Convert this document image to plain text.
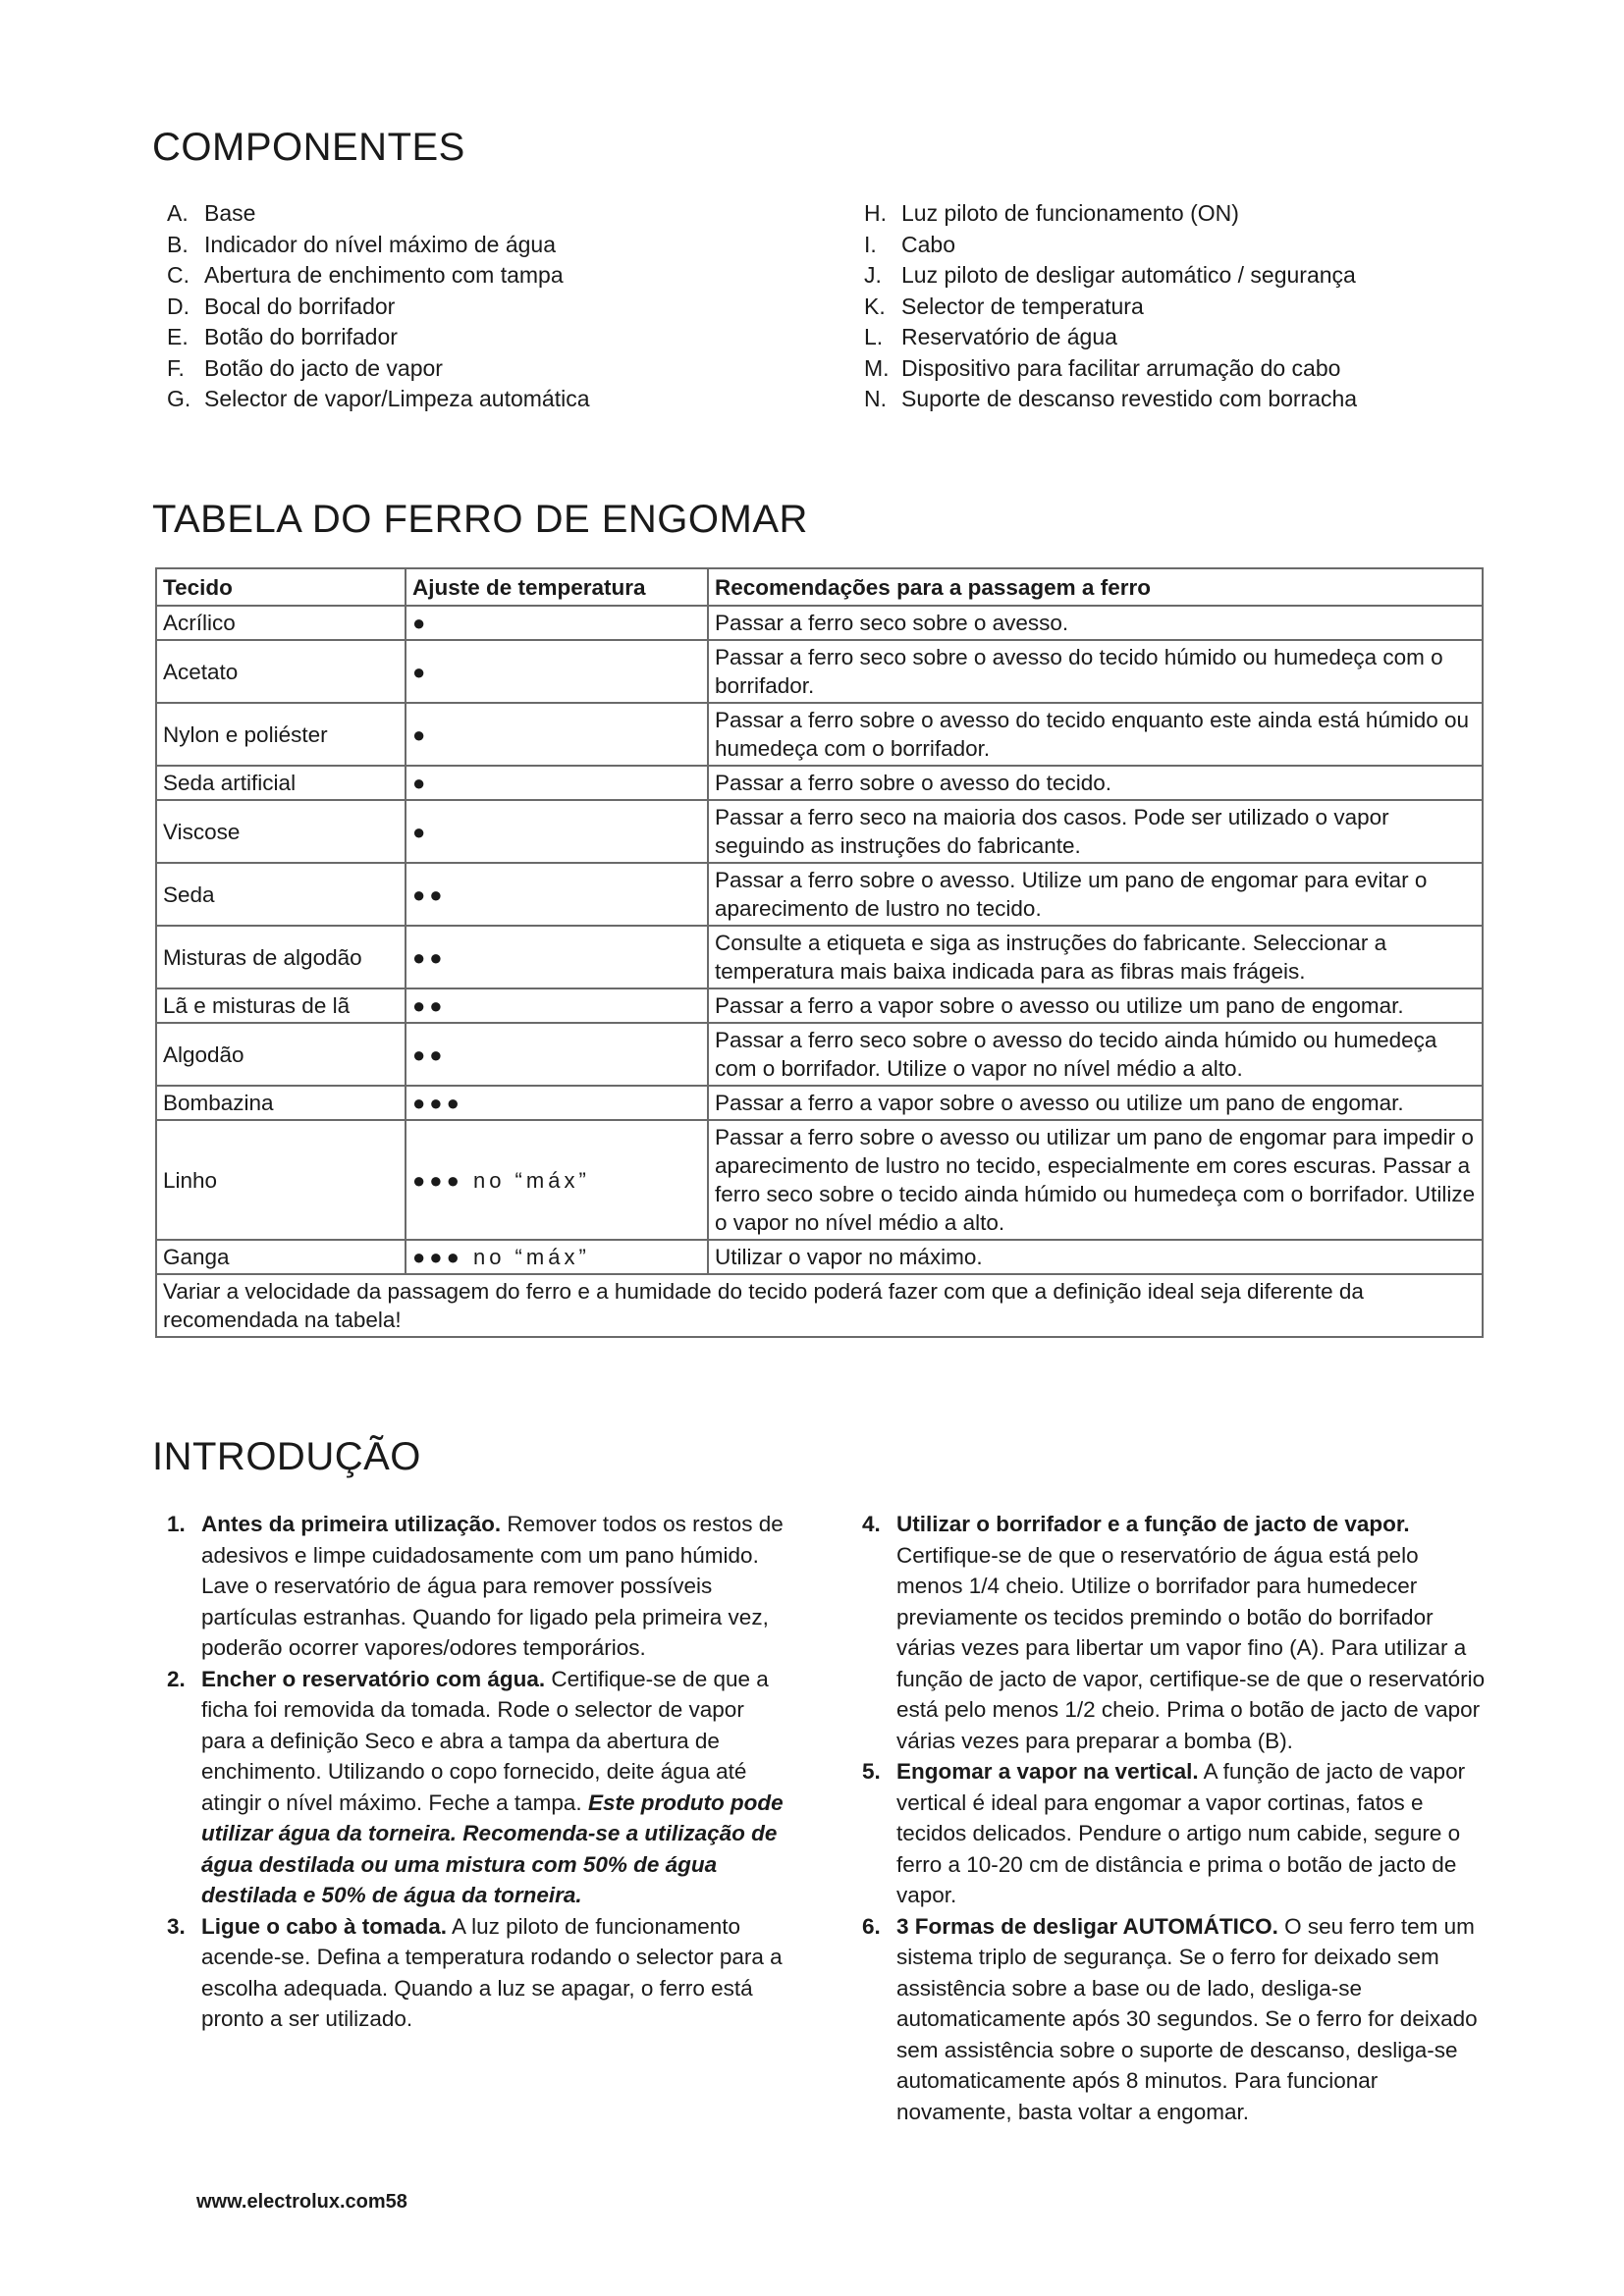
COMPONENTES
A. Base
B. Indicador do nível máximo de água
C. Abertura de enchimento com tampa
D. Bocal do borrifador
E. Botão do borrifador
F. Botão do jacto de vapor
G. Selector de vapor/Limpeza automática
H. Luz piloto de funcionamento (ON)
I. Cabo
J. Luz piloto de desligar automático / segurança
K. Selector de temperatura
L. Reservatório de água
M. Dispositivo para facilitar arrumação do cabo
N. Suporte de descanso revestido com borracha
TABELA DO FERRO DE ENGOMAR
Tecido	Ajuste de temperatura	Recomendações para a passagem a ferro
Acrílico	●	Passar a ferro seco sobre o avesso.
Acetato	●	Passar a ferro seco sobre o avesso do tecido húmido ou humedeça com o borrifador.
Nylon e poliéster	●	Passar a ferro sobre o avesso do tecido enquanto este ainda está húmido ou humedeça com o borrifador.
Seda artificial	●	Passar a ferro sobre o avesso do tecido.
Viscose	●	Passar a ferro seco na maioria dos casos. Pode ser utilizado o vapor seguindo as instruções do fabricante.
Seda	●●	Passar a ferro sobre o avesso. Utilize um pano de engomar para evitar o aparecimento de lustro no tecido.
Misturas de algodão	●●	Consulte a etiqueta e siga as instruções do fabricante. Seleccionar a temperatura mais baixa indicada para as fibras mais frágeis.
Lã e misturas de lã	●●	Passar a ferro a vapor sobre o avesso ou utilize um pano de engomar.
Algodão	●●	Passar a ferro seco sobre o avesso do tecido ainda húmido ou humedeça com o borrifador. Utilize o vapor no nível médio a alto.
Bombazina	●●●	Passar a ferro a vapor sobre o avesso ou utilize um pano de engomar.
Linho	●●● no “máx”	Passar a ferro sobre o avesso ou utilizar um pano de engomar para impedir o aparecimento de lustro no tecido, especialmente em cores escuras. Passar a ferro seco sobre o tecido ainda húmido ou humedeça com o borrifador. Utilize o vapor no nível médio a alto.
Ganga	●●● no “máx”	Utilizar o vapor no máximo.
Variar a velocidade da passagem do ferro e a humidade do tecido poderá fazer com que a definição ideal seja diferente da recomendada na tabela!		
INTRODUÇÃO
1. Antes da primeira utilização. Remover todos os restos de adesivos e limpe cuidadosamente com um pano húmido. Lave o reservatório de água para remover possíveis partículas estranhas. Quando for ligado pela primeira vez, poderão ocorrer vapores/odores temporários.
2. Encher o reservatório com água. Certifique-se de que a ficha foi removida da tomada. Rode o selector de vapor para a definição Seco e abra a tampa da abertura de enchimento. Utilizando o copo fornecido, deite água até atingir o nível máximo. Feche a tampa. Este produto pode utilizar água da torneira. Recomenda-se a utilização de água destilada ou uma mistura com 50% de água destilada e 50% de água da torneira.
3. Ligue o cabo à tomada. A luz piloto de funcionamento acende-se. Defina a temperatura rodando o selector para a escolha adequada. Quando a luz se apagar, o ferro está pronto a ser utilizado.
4. Utilizar o borrifador e a função de jacto de vapor. Certifique-se de que o reservatório de água está pelo menos 1/4 cheio. Utilize o borrifador para humedecer previamente os tecidos premindo o botão do borrifador várias vezes para libertar um vapor fino (A). Para utilizar a função de jacto de vapor, certifique-se de que o reservatório está pelo menos 1/2 cheio. Prima o botão de jacto de vapor várias vezes para preparar a bomba (B).
5. Engomar a vapor na vertical. A função de jacto de vapor vertical é ideal para engomar a vapor cortinas, fatos e tecidos delicados. Pendure o artigo num cabide, segure o ferro a 10-20 cm de distância e prima o botão de jacto de vapor.
6. 3 Formas de desligar AUTOMÁTICO. O seu ferro tem um sistema triplo de segurança. Se o ferro for deixado sem assistência sobre a base ou de lado, desliga-se automaticamente após 30 segundos. Se o ferro for deixado sem assistência sobre o suporte de descanso, desliga-se automaticamente após 8 minutos. Para funcionar novamente, basta voltar a engomar.
www.electrolux.com58
